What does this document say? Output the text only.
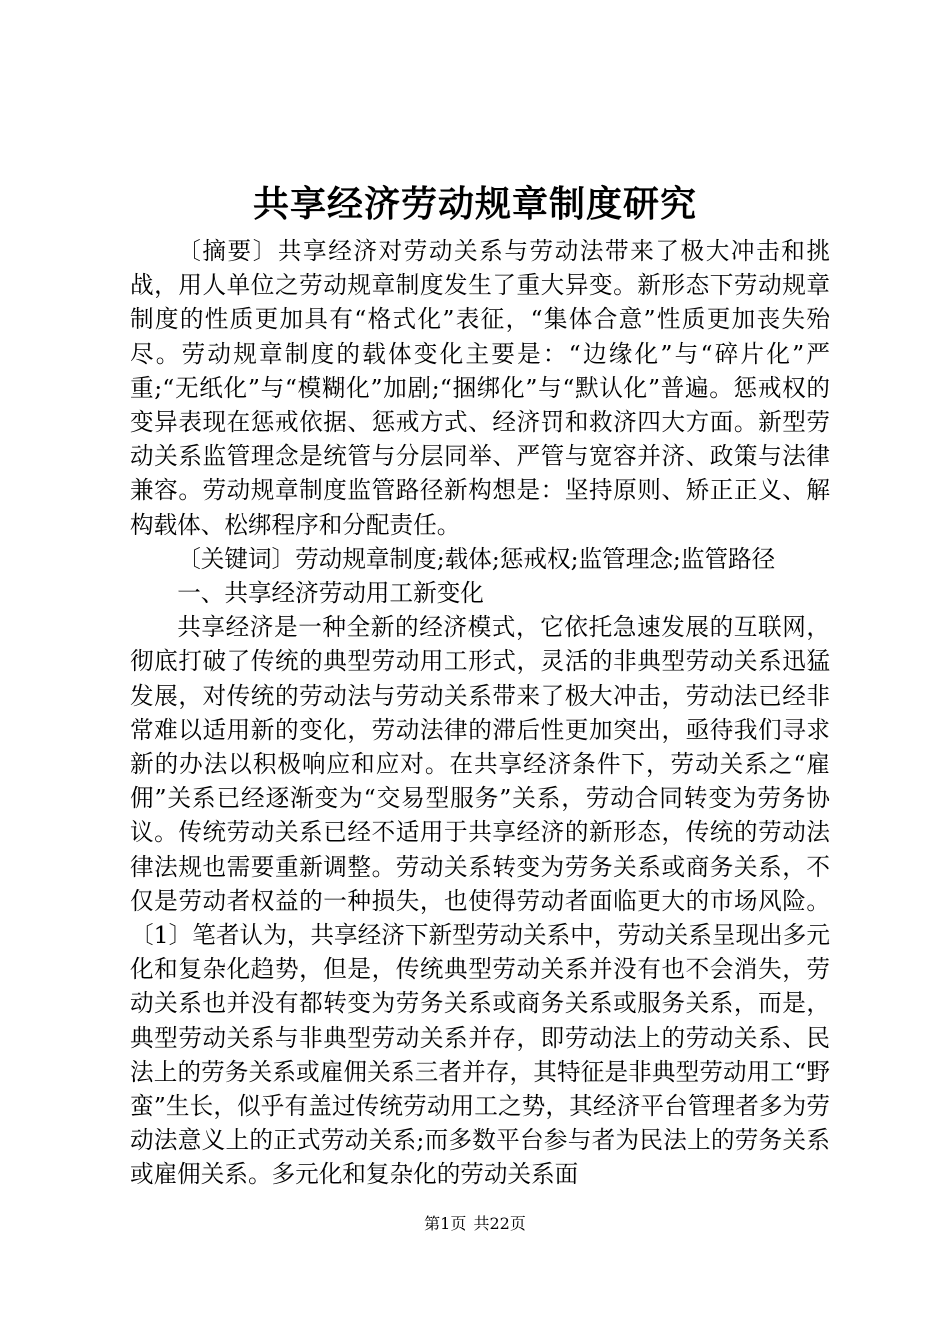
共享经济劳动规章制度研究

〔摘要〕共享经济对劳动关系与劳动法带来了极大冲击和挑战，用人单位之劳动规章制度发生了重大异变。新形态下劳动规章制度的性质更加具有“格式化”表征，“集体合意”性质更加丧失殆尽。劳动规章制度的载体变化主要是：“边缘化”与“碎片化”严重;“无纸化”与“模糊化”加剧;“捆绑化”与“默认化”普遍。惩戒权的变异表现在惩戒依据、惩戒方式、经济罚和救济四大方面。新型劳动关系监管理念是统管与分层同举、严管与宽容并济、政策与法律兼容。劳动规章制度监管路径新构想是：坚持原则、矫正正义、解构载体、松绑程序和分配责任。

〔关键词〕劳动规章制度;载体;惩戒权;监管理念;监管路径

一、共享经济劳动用工新变化

共享经济是一种全新的经济模式，它依托急速发展的互联网，彻底打破了传统的典型劳动用工形式，灵活的非典型劳动关系迅猛发展，对传统的劳动法与劳动关系带来了极大冲击，劳动法已经非常难以适用新的变化，劳动法律的滞后性更加突出，亟待我们寻求新的办法以积极响应和应对。在共享经济条件下，劳动关系之“雇佣”关系已经逐渐变为“交易型服务”关系，劳动合同转变为劳务协议。传统劳动关系已经不适用于共享经济的新形态，传统的劳动法律法规也需要重新调整。劳动关系转变为劳务关系或商务关系，不仅是劳动者权益的一种损失，也使得劳动者面临更大的市场风险。〔1〕笔者认为，共享经济下新型劳动关系中，劳动关系呈现出多元化和复杂化趋势，但是，传统典型劳动关系并没有也不会消失，劳动关系也并没有都转变为劳务关系或商务关系或服务关系，而是，典型劳动关系与非典型劳动关系并存，即劳动法上的劳动关系、民法上的劳务关系或雇佣关系三者并存，其特征是非典型劳动用工“野蛮”生长，似乎有盖过传统劳动用工之势，其经济平台管理者多为劳动法意义上的正式劳动关系;而多数平台参与者为民法上的劳务关系或雇佣关系。多元化和复杂化的劳动关系面

第1页 共22页
